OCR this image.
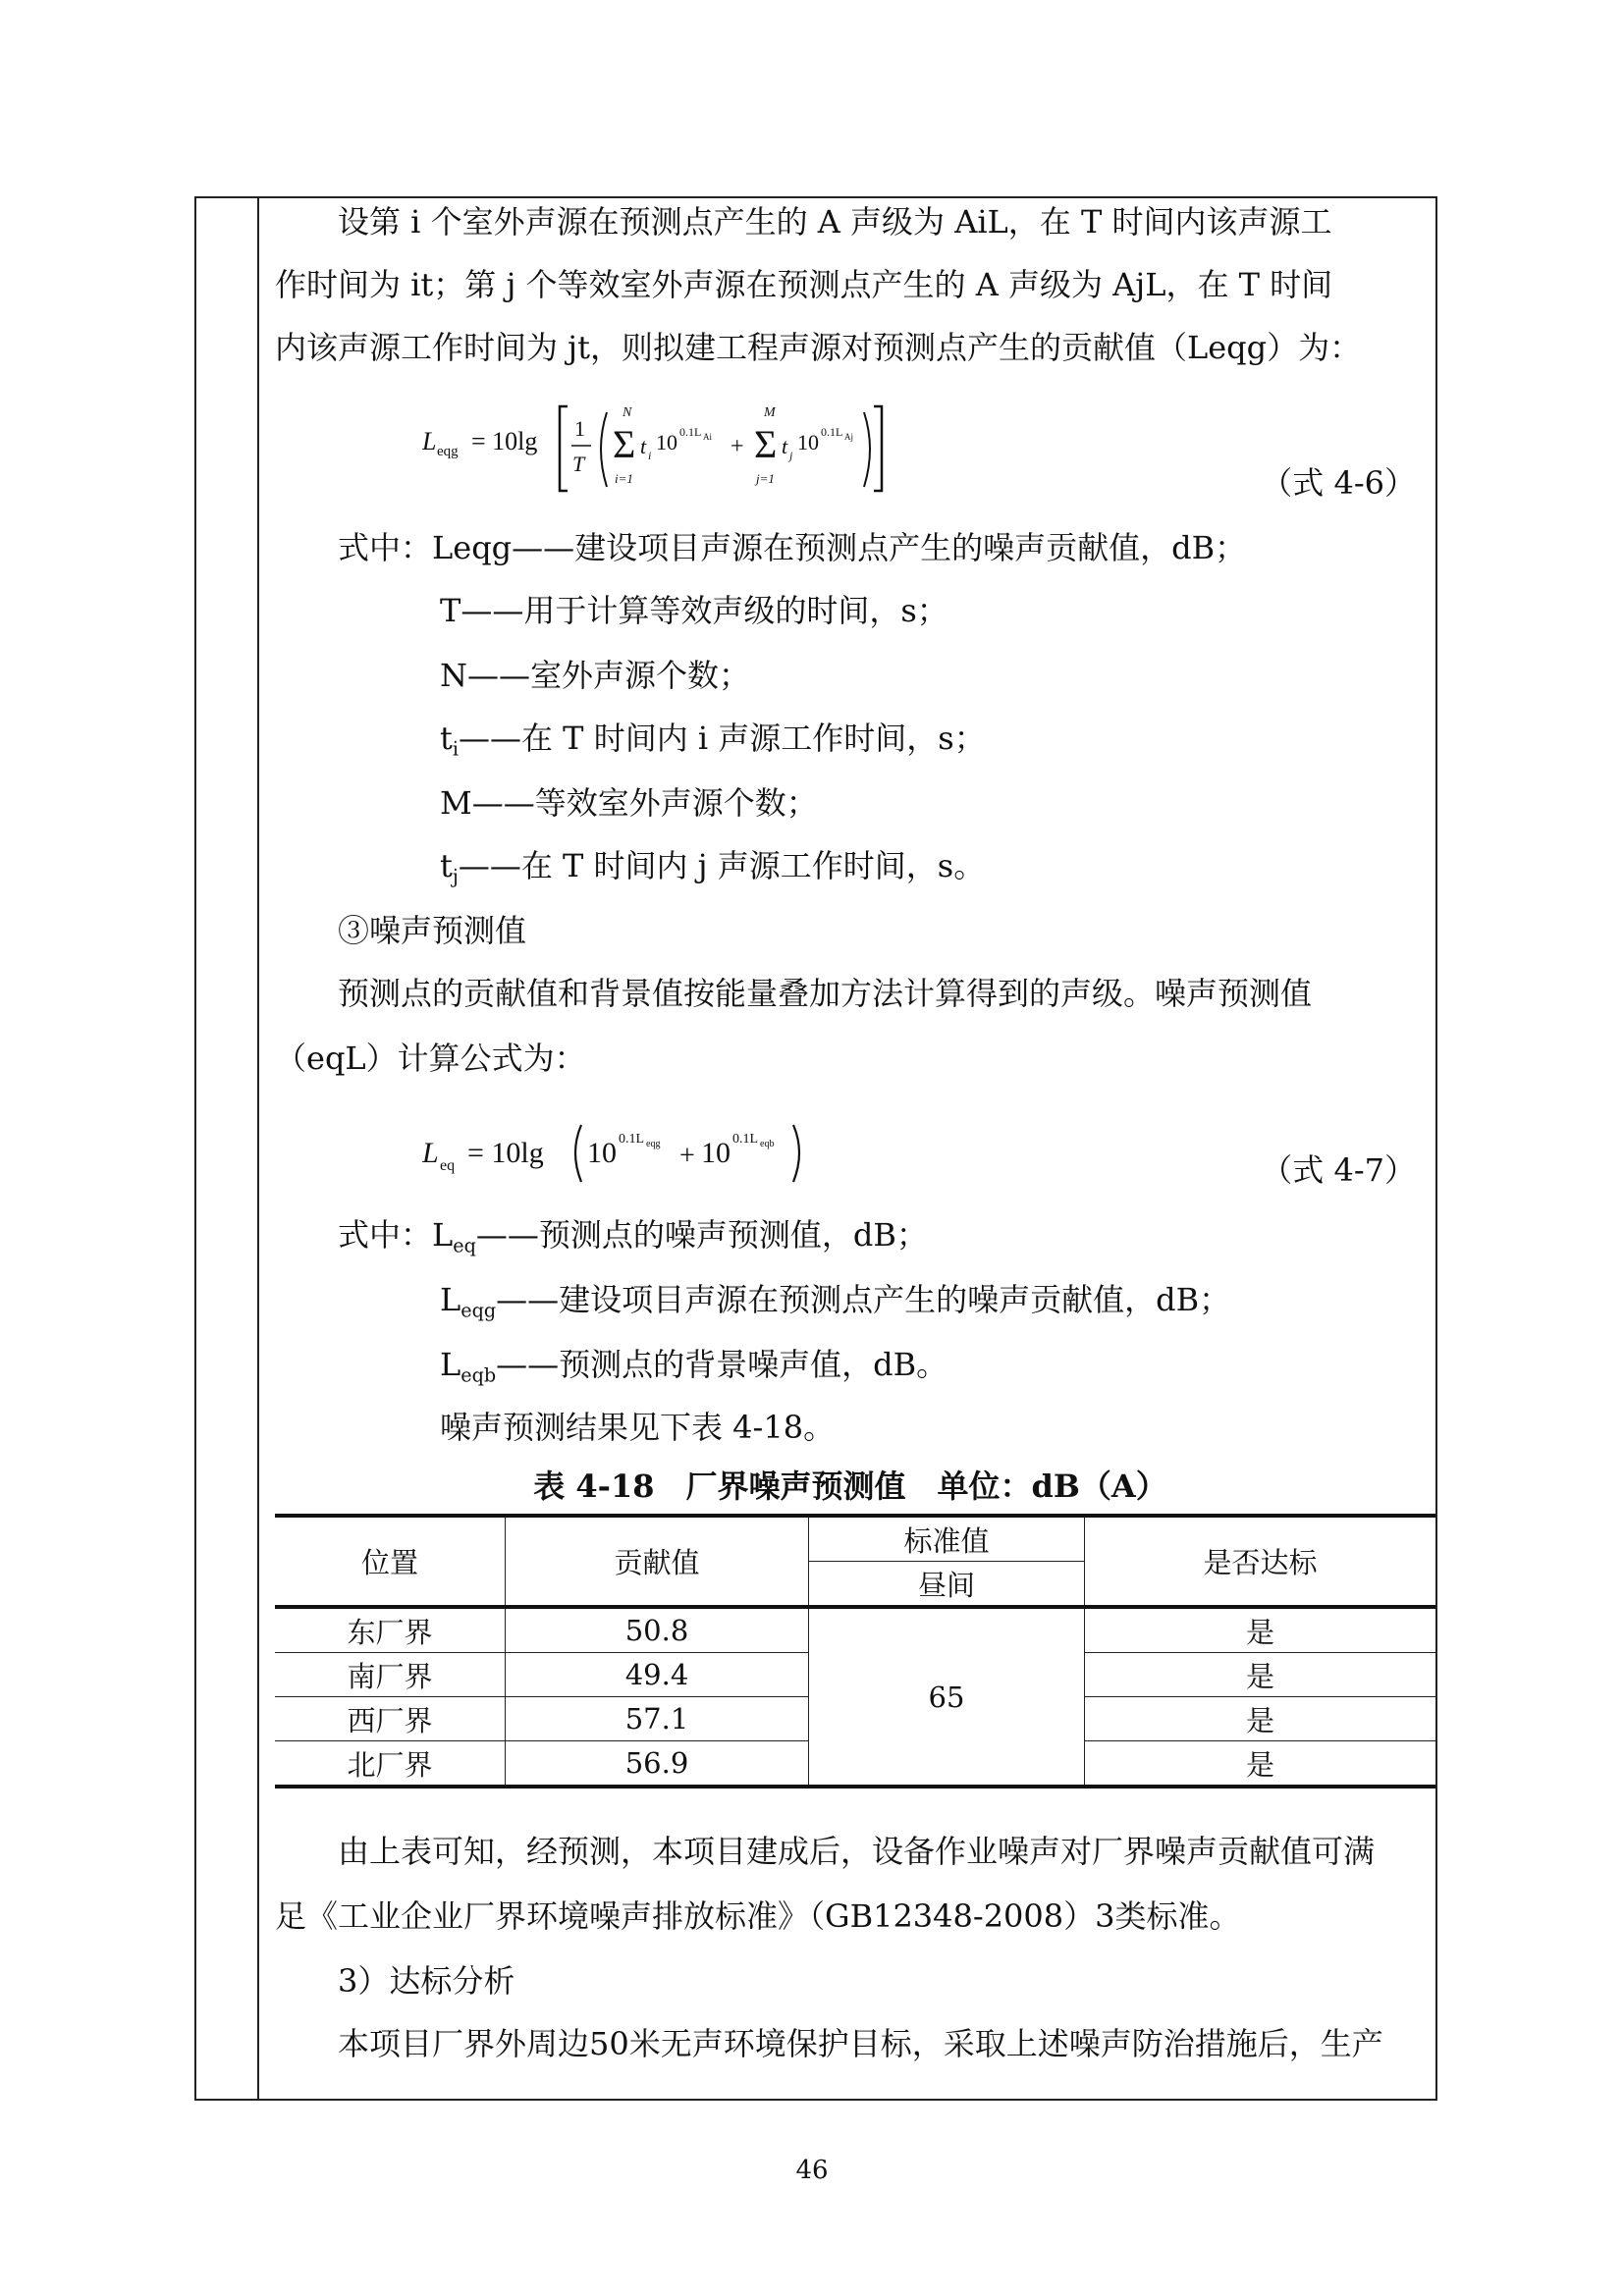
设第 i 个室外声源在预测点产生的 A 声级为 AiL，在 T 时间内该声源工
作时间为 it；第 j 个等效室外声源在预测点产生的 A 声级为 AjL，在 T 时间
内该声源工作时间为 jt，则拟建工程声源对预测点产生的贡献值（Leqg）为：
L eqg = 10lg 1
T
N
Σ
i=1
t i
10 0.1L Ai +
M
Σ
j=1
t j
10 0.1L Aj
（式 4-6）
式中：Leqg——建设项目声源在预测点产生的噪声贡献值，dB；
T——用于计算等效声级的时间，s；
N——室外声源个数；
$t_i——$在 T 时间内 i 声源工作时间，s；
M——等效室外声源个数；
$t_j——$在 T 时间内 j 声源工作时间，s。
③噪声预测值
预测点的贡献值和背景值按能量叠加方法计算得到的声级。噪声预测值
（eqL）计算公式为：
L eq = 10lg 10 0.1L eqg + 10 0.1L eqb
（式 4-7）
式中：$L_{eq}——$预测点的噪声预测值，dB；
$L_{eqg}——$建设项目声源在预测点产生的噪声贡献值，dB；
$L_{eqb}——$预测点的背景噪声值，dB。
噪声预测结果见下表 4-18。
表 4-18　厂界噪声预测值　单位：dB（A）
位置	贡献值	标准值	是否达标
		昼间	
东厂界	50.8	65	是
南厂界	49.4		是
西厂界	57.1		是
北厂界	56.9		是
由上表可知，经预测，本项目建成后，设备作业噪声对厂界噪声贡献值可满
足《工业企业厂界环境噪声排放标准》（GB12348-2008）3类标准。
3）达标分析
本项目厂界外周边50米无声环境保护目标，采取上述噪声防治措施后，生产
46
